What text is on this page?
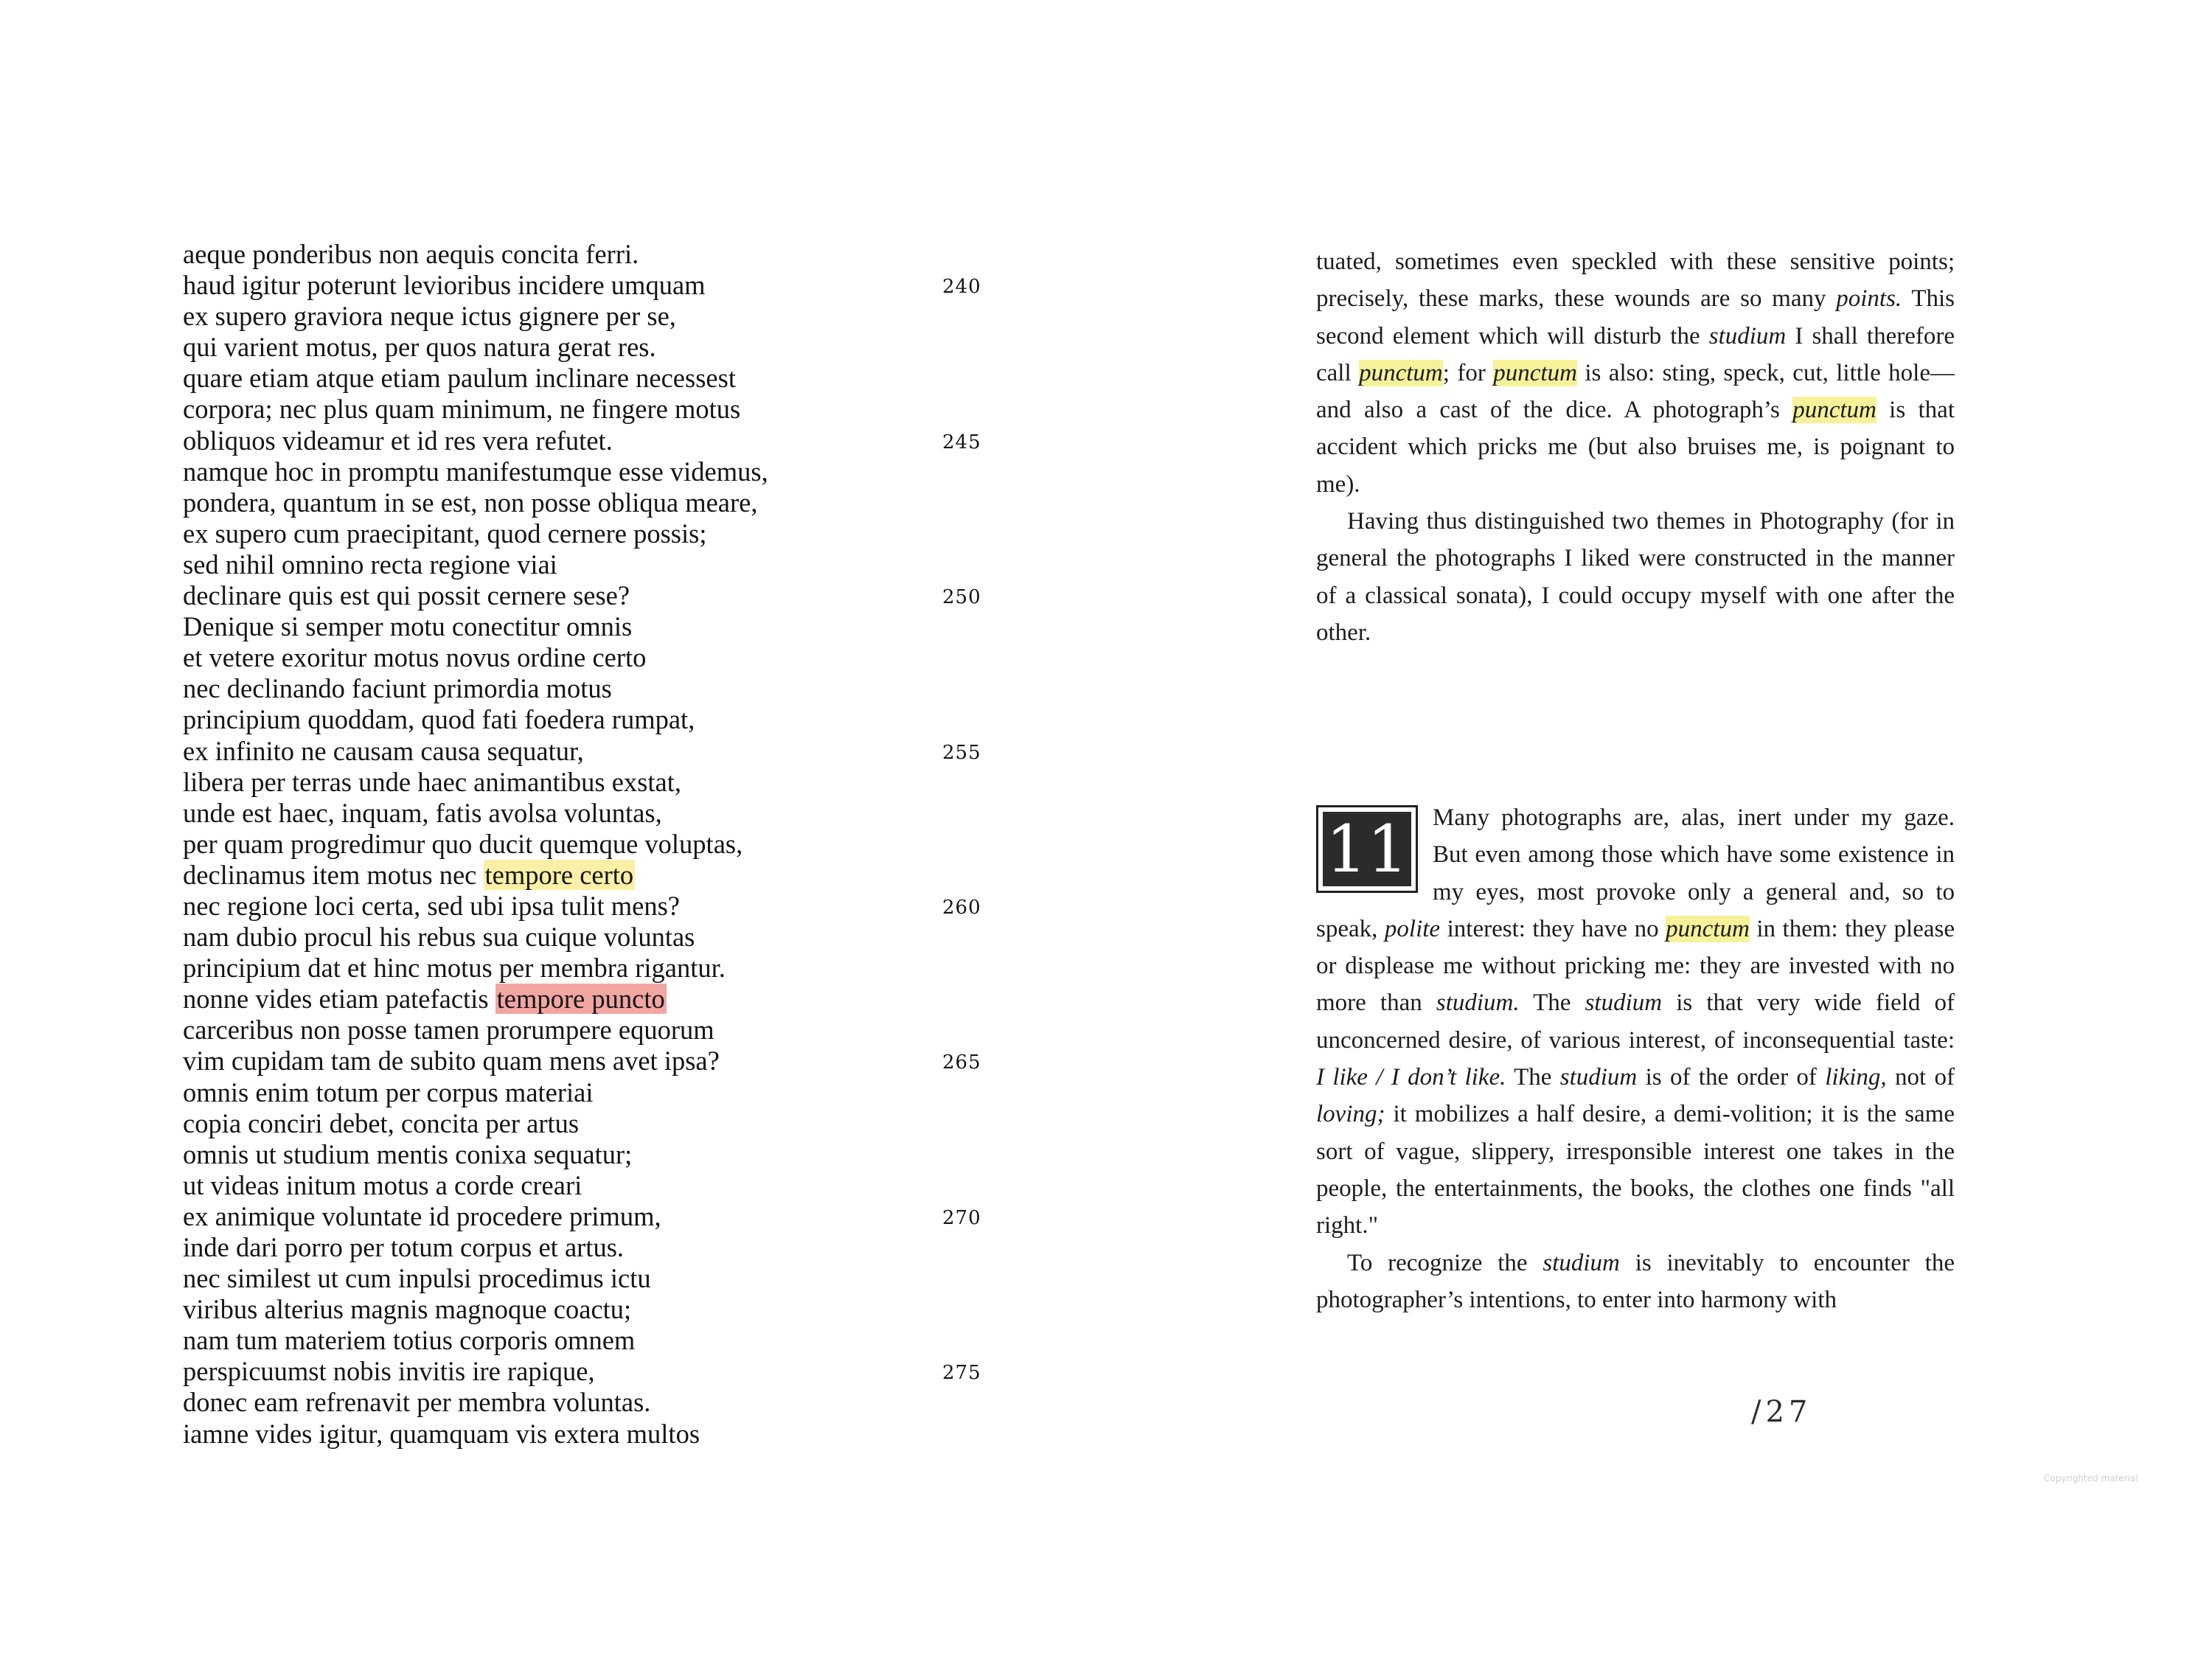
aeque ponderibus non aequis concita ferri.
haud igitur poterunt levioribus incidere umquam	240
ex supero graviora neque ictus gignere per se,
qui varient motus, per quos natura gerat res.
quare etiam atque etiam paulum inclinare necessest
corpora; nec plus quam minimum, ne fingere motus
obliquos videamur et id res vera refutet.	245
namque hoc in promptu manifestumque esse videmus,
pondera, quantum in se est, non posse obliqua meare,
ex supero cum praecipitant, quod cernere possis;
sed nihil omnino recta regione viai
declinare quis est qui possit cernere sese?	250
Denique si semper motu conectitur omnis
et vetere exoritur motus novus ordine certo
nec declinando faciunt primordia motus
principium quoddam, quod fati foedera rumpat,
ex infinito ne causam causa sequatur,	255
libera per terras unde haec animantibus exstat,
unde est haec, inquam, fatis avolsa voluntas,
per quam progredimur quo ducit quemque voluptas,
declinamus item motus nec tempore certo
nec regione loci certa, sed ubi ipsa tulit mens?	260
nam dubio procul his rebus sua cuique voluntas
principium dat et hinc motus per membra rigantur.
nonne vides etiam patefactis tempore puncto
carceribus non posse tamen prorumpere equorum
vim cupidam tam de subito quam mens avet ipsa?	265
omnis enim totum per corpus materiai
copia conciri debet, concita per artus
omnis ut studium mentis conixa sequatur;
ut videas initum motus a corde creari
ex animique voluntate id procedere primum,	270
inde dari porro per totum corpus et artus.
nec similest ut cum inpulsi procedimus ictu
viribus alterius magnis magnoque coactu;
nam tum materiem totius corporis omnem
perspicuumst nobis invitis ire rapique,	275
donec eam refrenavit per membra voluntas.
iamne vides igitur, quamquam vis extera multos

tuated, sometimes even speckled with these sensitive points; precisely, these marks, these wounds are so many points. This second element which will disturb the studium I shall therefore call punctum; for punctum is also: sting, speck, cut, little hole—and also a cast of the dice. A photograph’s punctum is that accident which pricks me (but also bruises me, is poignant to me).

Having thus distinguished two themes in Photography (for in general the photographs I liked were constructed in the manner of a classical sonata), I could occupy myself with one after the other.

11	Many photographs are, alas, inert under my gaze. But even among those which have some existence in my eyes, most provoke only a general and, so to speak, polite interest: they have no punctum in them: they please or displease me without pricking me: they are invested with no more than studium. The studium is that very wide field of unconcerned desire, of various interest, of inconsequential taste: I like / I don’t like. The studium is of the order of liking, not of loving; it mobilizes a half desire, a demi-volition; it is the same sort of vague, slippery, irresponsible interest one takes in the people, the entertainments, the books, the clothes one finds "all right."

To recognize the studium is inevitably to encounter the photographer’s intentions, to enter into harmony with

/27
Copyrighted material
